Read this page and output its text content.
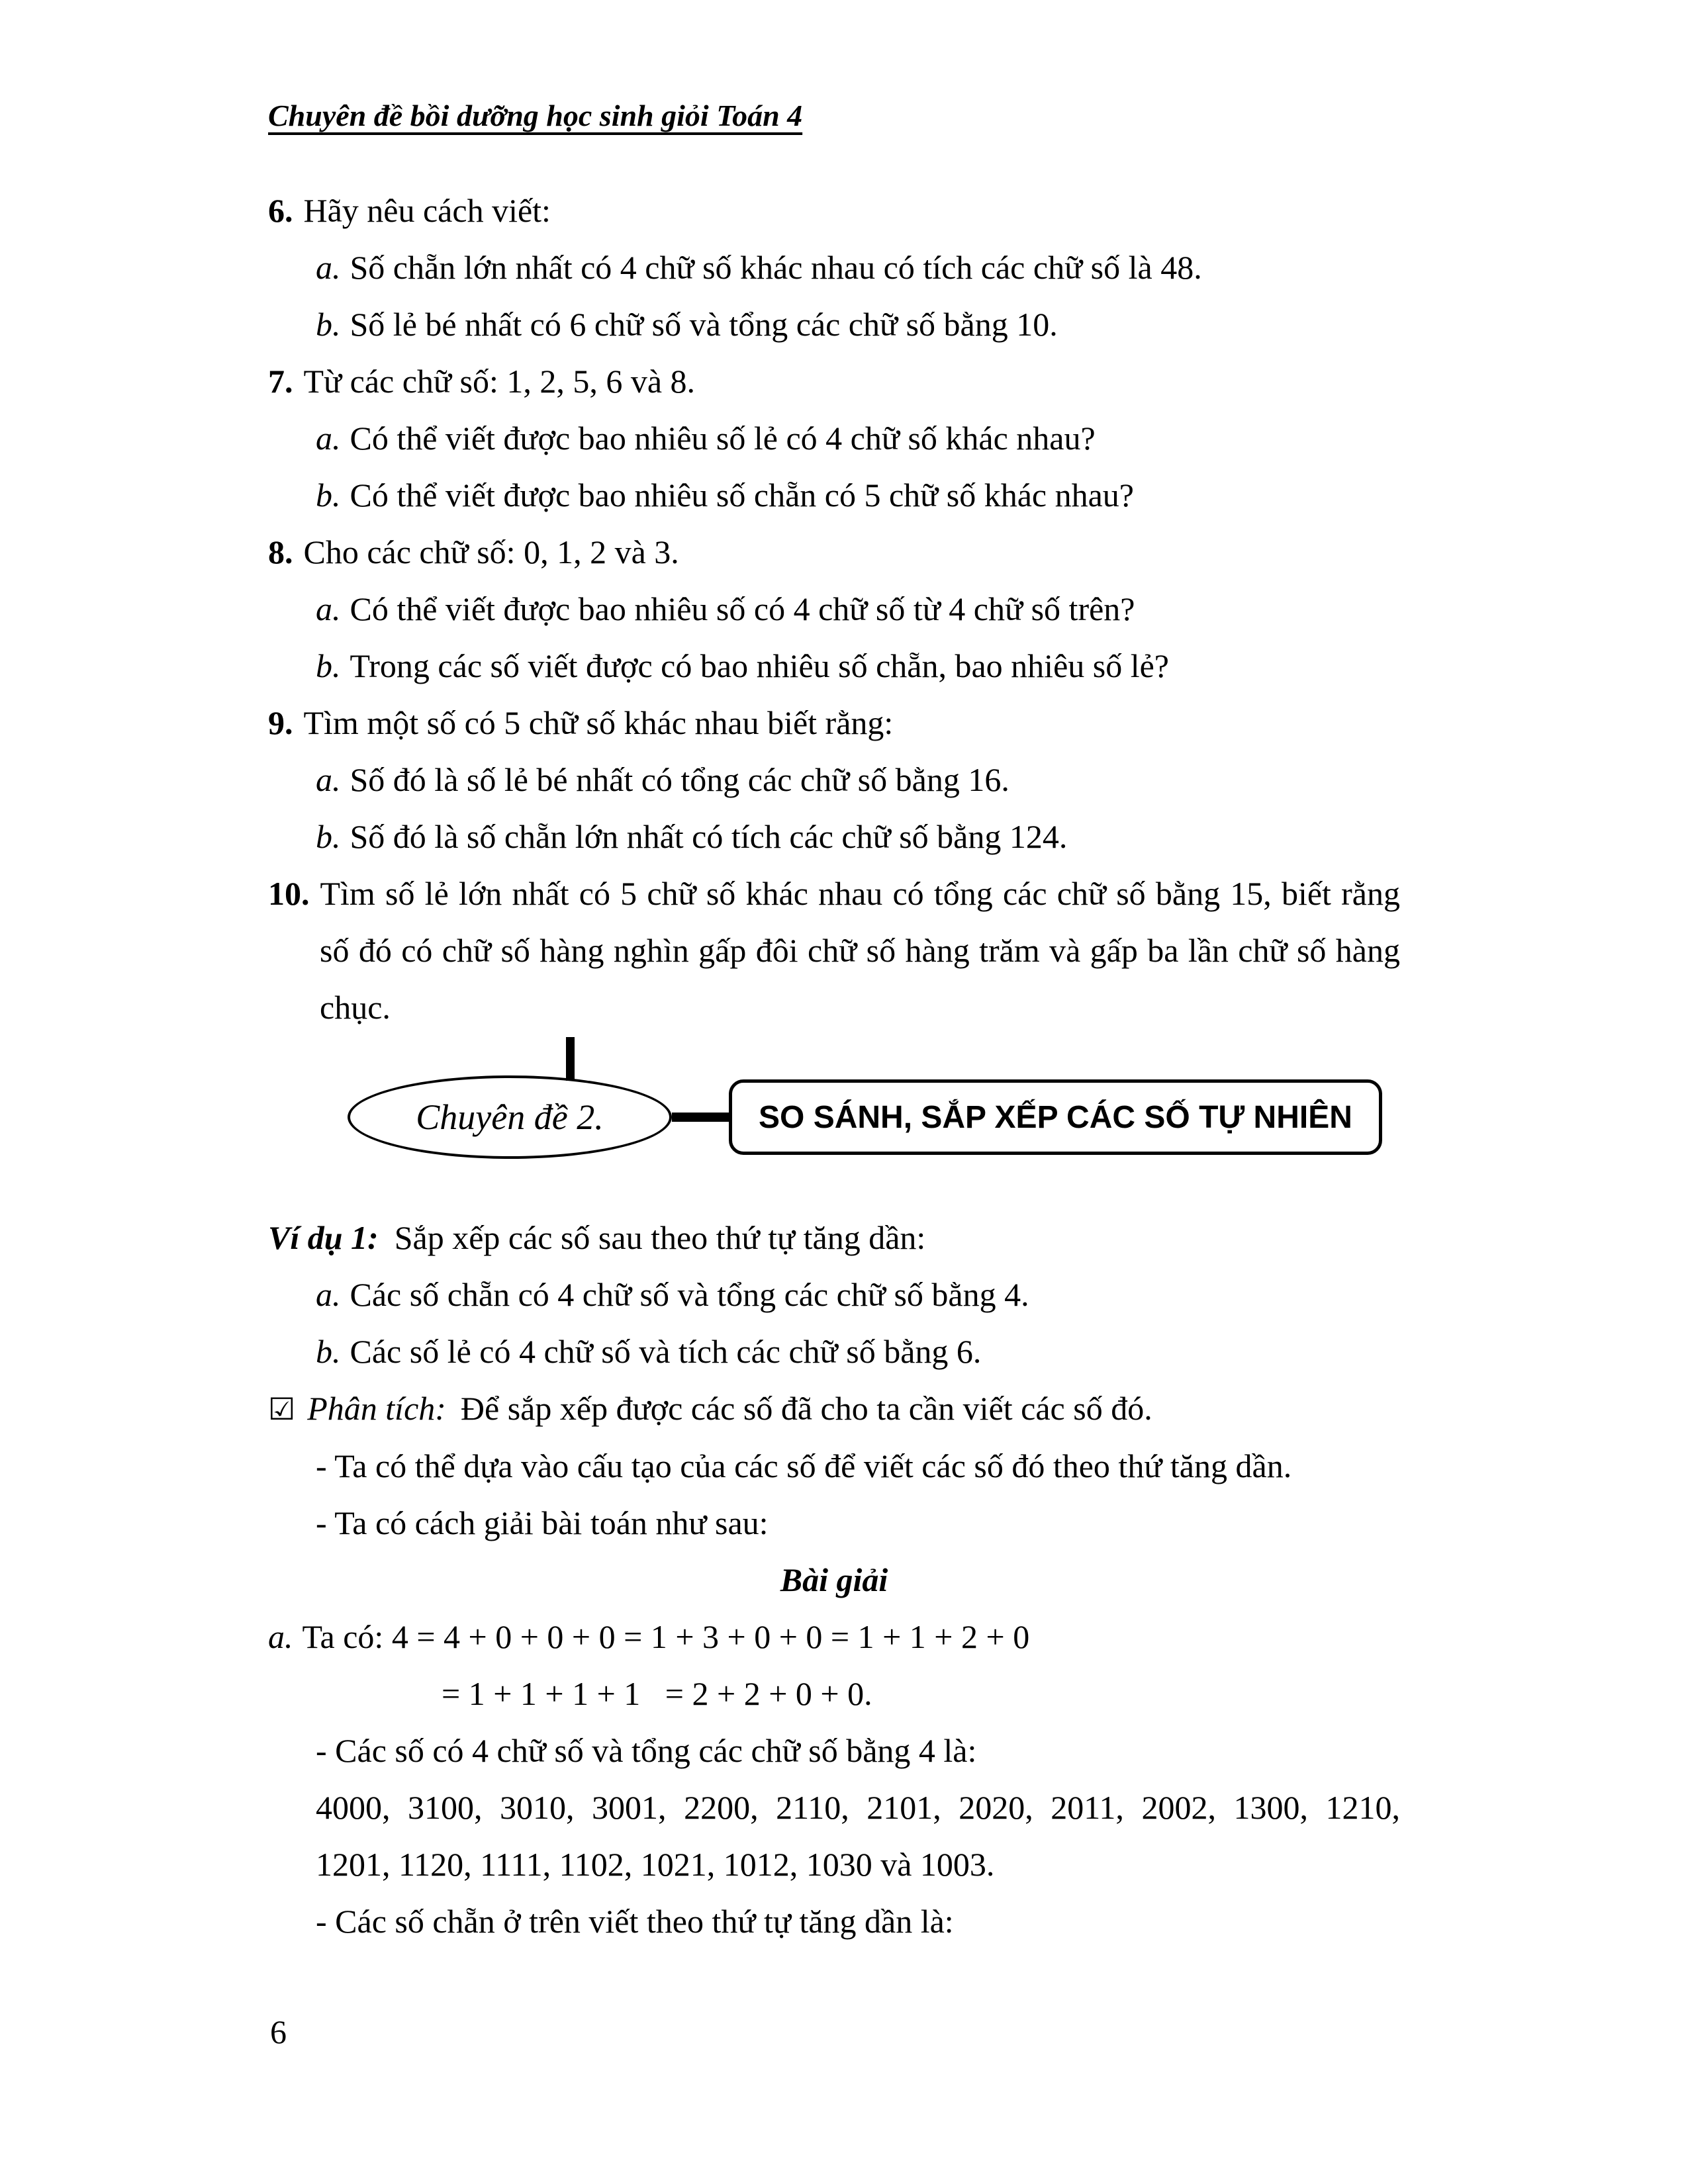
Chuyên đề bồi dưỡng học sinh giỏi Toán 4
6. Hãy nêu cách viết:
a. Số chẵn lớn nhất có 4 chữ số khác nhau có tích các chữ số là 48.
b. Số lẻ bé nhất có 6 chữ số và tổng các chữ số bằng 10.
7. Từ các chữ số: 1, 2, 5, 6 và 8.
a. Có thể viết được bao nhiêu số lẻ có 4 chữ số khác nhau?
b. Có thể viết được bao nhiêu số chẵn có 5 chữ số khác nhau?
8. Cho các chữ số: 0, 1, 2 và 3.
a. Có thể viết được bao nhiêu số có 4 chữ số từ 4 chữ số trên?
b. Trong các số viết được có bao nhiêu số chẵn, bao nhiêu số lẻ?
9. Tìm một số có 5 chữ số khác nhau biết rằng:
a. Số đó là số lẻ bé nhất có tổng các chữ số bằng 16.
b. Số đó là số chẵn lớn nhất có tích các chữ số bằng 124.
10. Tìm số lẻ lớn nhất có 5 chữ số khác nhau có tổng các chữ số bằng 15, biết rằng số đó có chữ số hàng nghìn gấp đôi chữ số hàng trăm và gấp ba lần chữ số hàng chục.
Chuyên đề 2.	SO SÁNH, SẮP XẾP CÁC SỐ TỰ NHIÊN
Ví dụ 1: Sắp xếp các số sau theo thứ tự tăng dần:
a. Các số chẵn có 4 chữ số và tổng các chữ số bằng 4.
b. Các số lẻ có 4 chữ số và tích các chữ số bằng 6.
☑ Phân tích: Để sắp xếp được các số đã cho ta cần viết các số đó.
- Ta có thể dựa vào cấu tạo của các số để viết các số đó theo thứ tăng dần.
- Ta có cách giải bài toán như sau:
Bài giải
a. Ta có: 4 = 4 + 0 + 0 + 0 = 1 + 3 + 0 + 0 = 1 + 1 + 2 + 0
= 1 + 1 + 1 + 1   = 2 + 2 + 0 + 0.
- Các số có 4 chữ số và tổng các chữ số bằng 4 là:
4000, 3100, 3010, 3001, 2200, 2110, 2101, 2020, 2011, 2002, 1300, 1210,
1201, 1120, 1111, 1102, 1021, 1012, 1030 và 1003.
- Các số chẵn ở trên viết theo thứ tự tăng dần là:
6
